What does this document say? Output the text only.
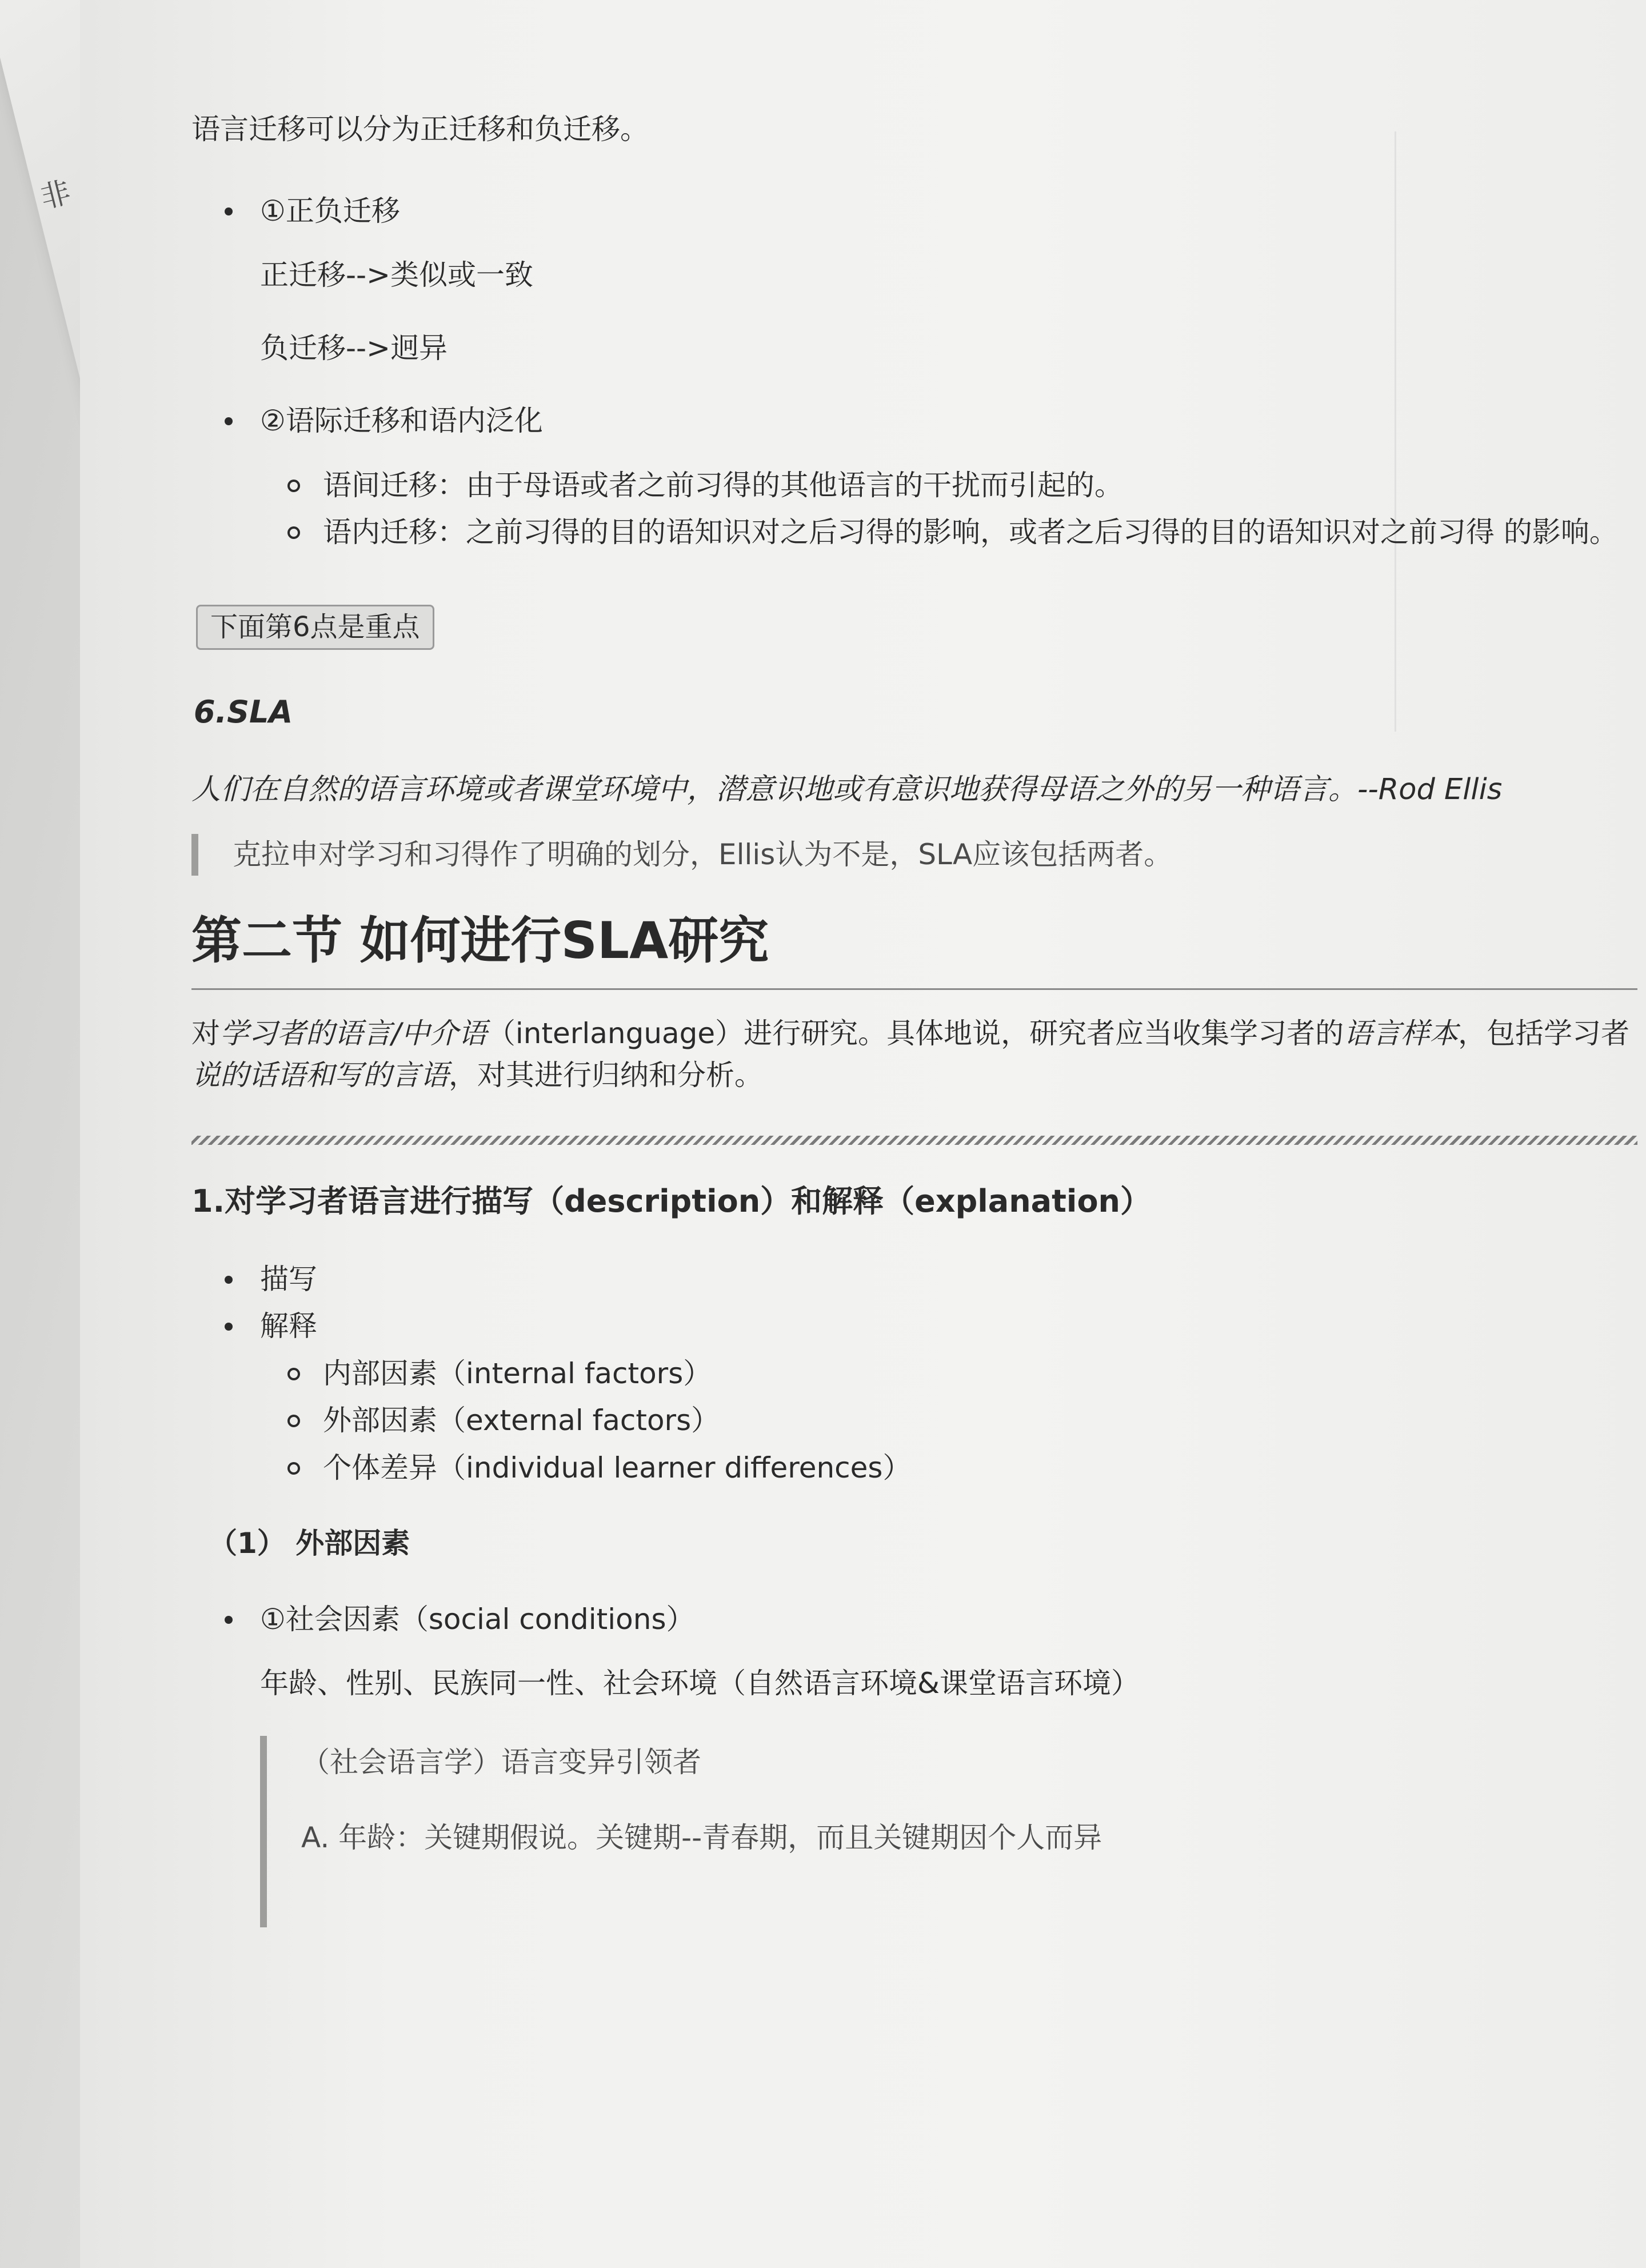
非

语言迁移可以分为正迁移和负迁移。

①正负迁移

正迁移-->类似或一致

负迁移-->迥异

②语际迁移和语内泛化
语间迁移：由于母语或者之前习得的其他语言的干扰而引起的。
语内迁移：之前习得的目的语知识对之后习得的影响，或者之后习得的目的语知识对之前习得 的影响。
下面第6点是重点

6.SLA

人们在自然的语言环境或者课堂环境中，潜意识地或有意识地获得母语之外的另一种语言。--Rod Ellis

克拉申对学习和习得作了明确的划分，Ellis认为不是，SLA应该包括两者。

第二节 如何进行SLA研究

对学习者的语言/中介语（interlanguage）进行研究。具体地说，研究者应当收集学习者的语言样本，包括学习者说的话语和写的言语，对其进行归纳和分析。

1.对学习者语言进行描写（description）和解释（explanation）

描写
解释
内部因素（internal factors）
外部因素（external factors）
个体差异（individual learner differences）

（1） 外部因素

①社会因素（social conditions）

年龄、性别、民族同一性、社会环境（自然语言环境&课堂语言环境）

（社会语言学）语言变异引领者

A. 年龄：关键期假说。关键期--青春期，而且关键期因个人而异
